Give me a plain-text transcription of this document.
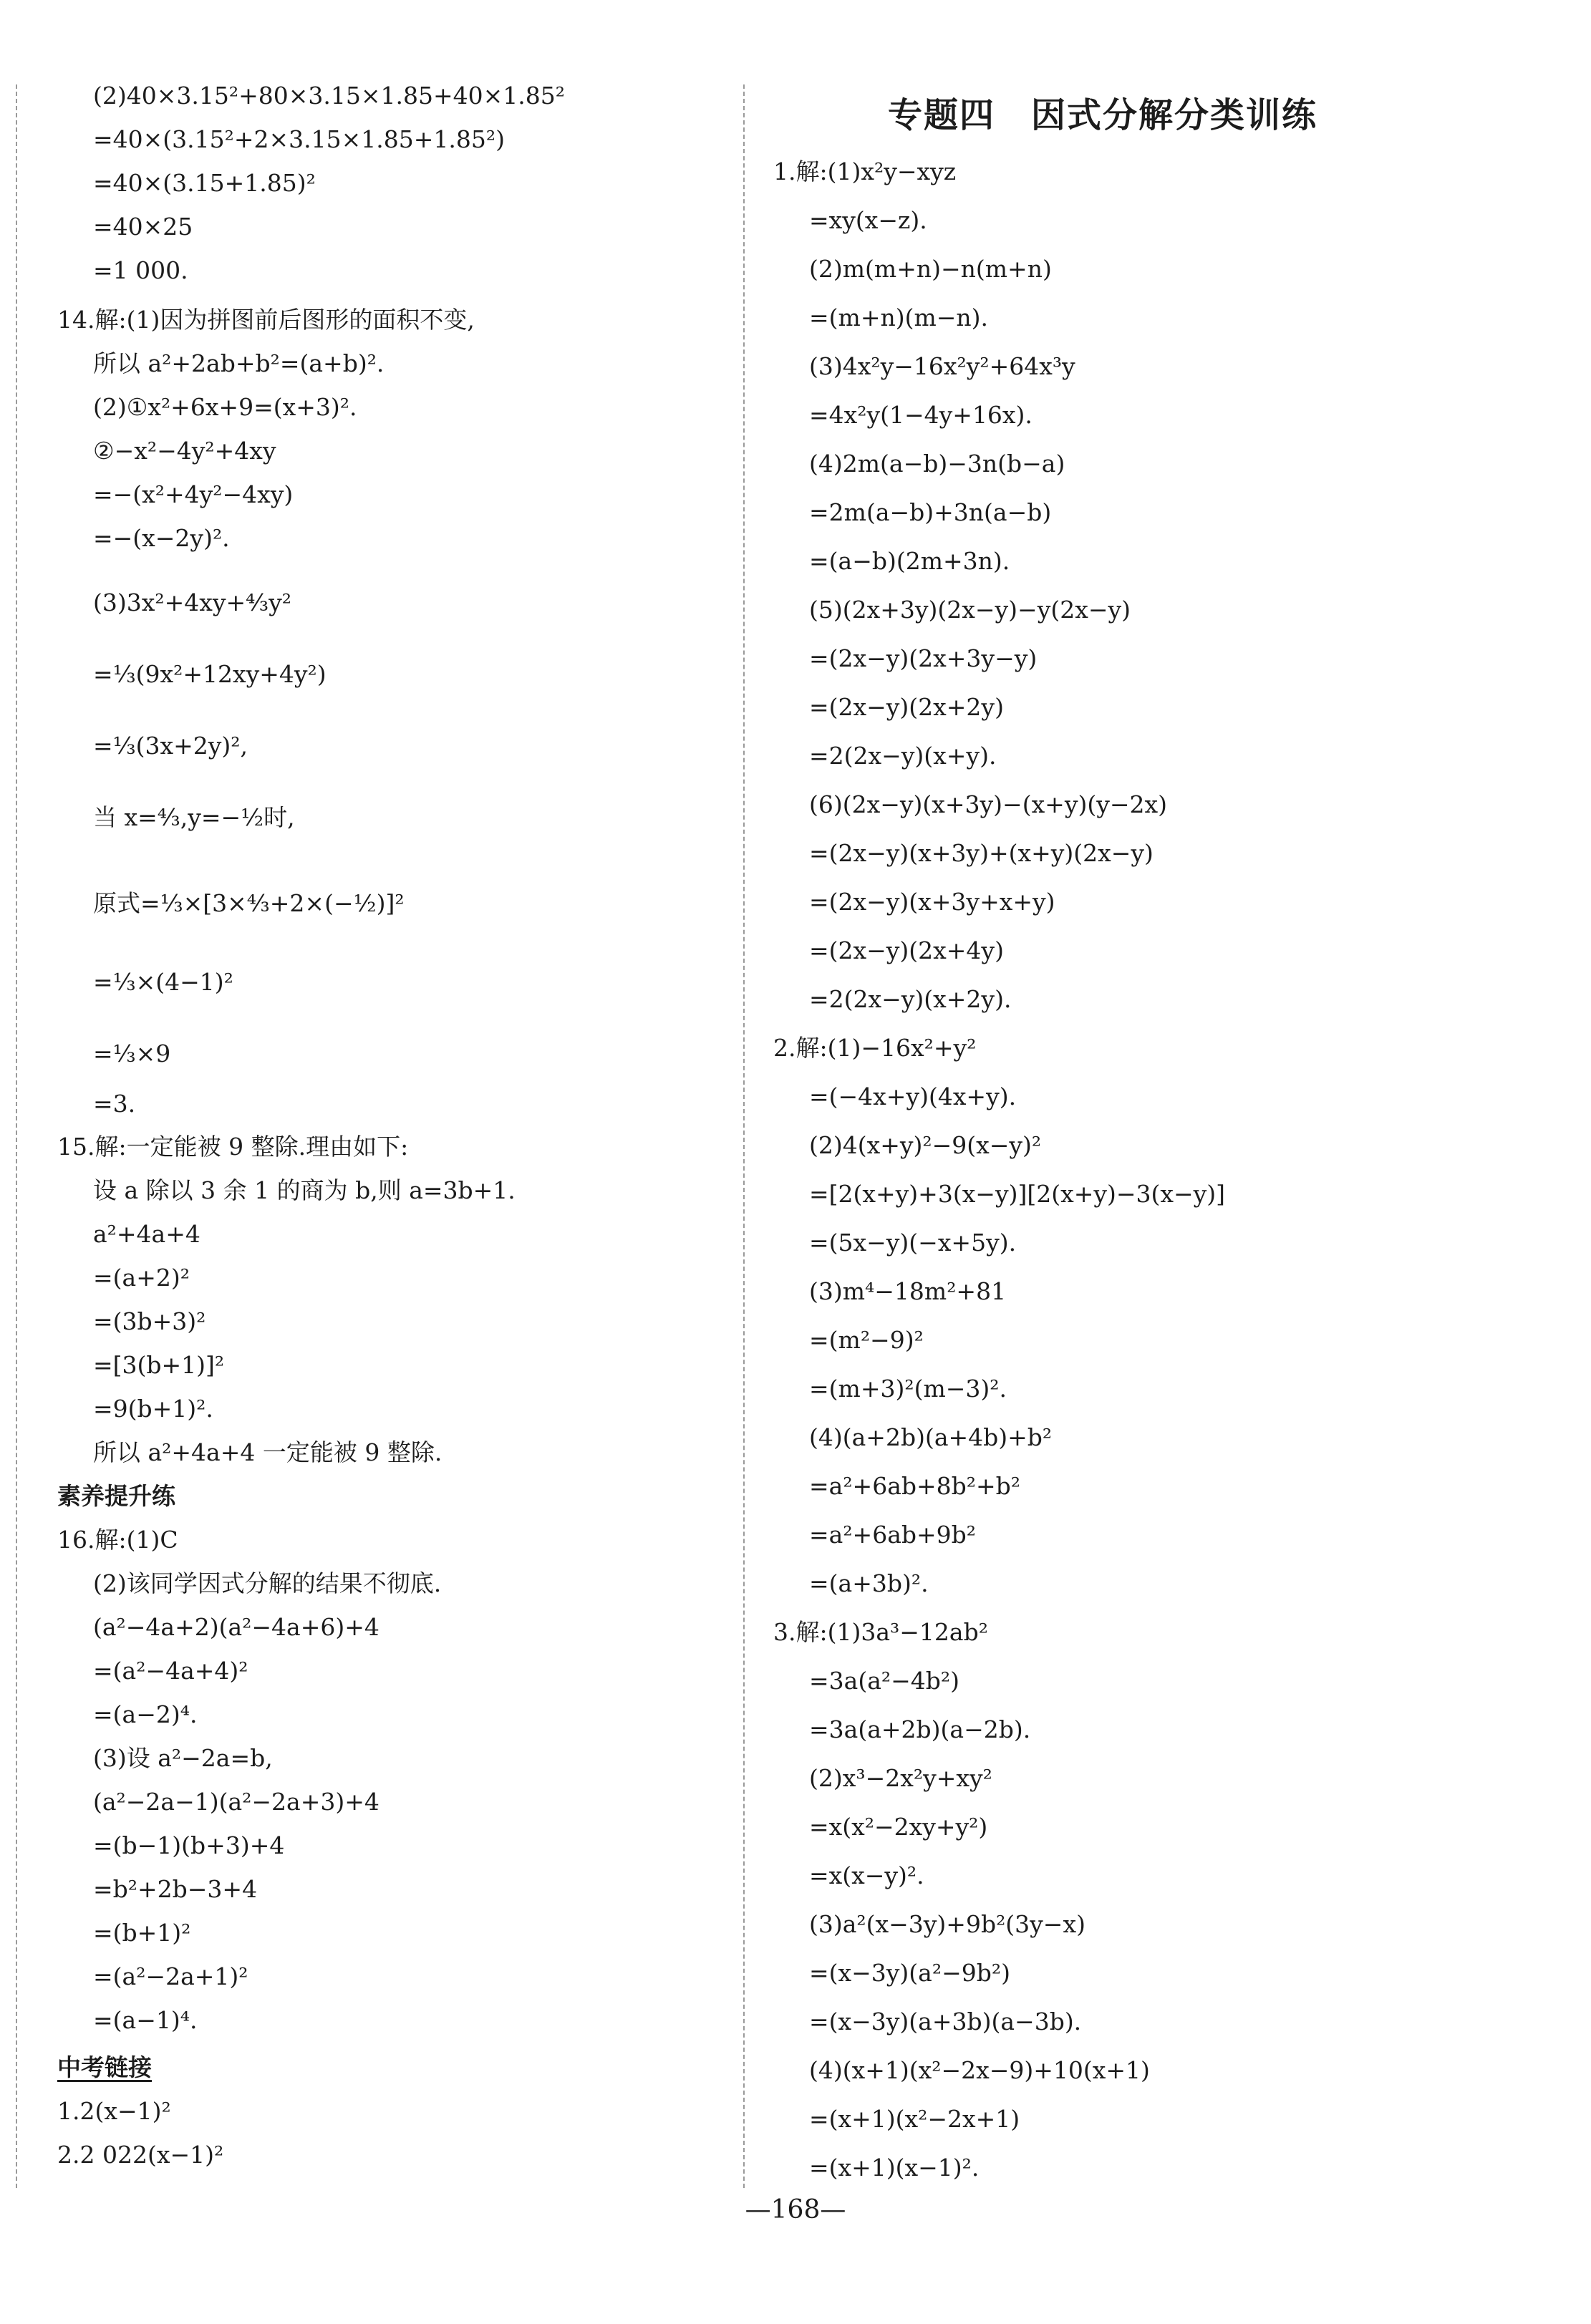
(2)40×3.15²+80×3.15×1.85+40×1.85²
=40×(3.15²+2×3.15×1.85+1.85²)
=40×(3.15+1.85)²
=40×25
=1 000.
14.解:(1)因为拼图前后图形的面积不变,
所以 a²+2ab+b²=(a+b)².
(2)①x²+6x+9=(x+3)².
②−x²−4y²+4xy
=−(x²+4y²−4xy)
=−(x−2y)².
(3)3x²+4xy+⁴⁄₃y²
=⅓(9x²+12xy+4y²)
=⅓(3x+2y)²,
当 x=⁴⁄₃,y=−½时,
原式=⅓×[3×⁴⁄₃+2×(−½)]²
=⅓×(4−1)²
=⅓×9
=3.
15.解:一定能被 9 整除.理由如下:
设 a 除以 3 余 1 的商为 b,则 a=3b+1.
a²+4a+4
=(a+2)²
=(3b+3)²
=[3(b+1)]²
=9(b+1)².
所以 a²+4a+4 一定能被 9 整除.
素养提升练
16.解:(1)C
(2)该同学因式分解的结果不彻底.
(a²−4a+2)(a²−4a+6)+4
=(a²−4a+4)²
=(a−2)⁴.
(3)设 a²−2a=b,
(a²−2a−1)(a²−2a+3)+4
=(b−1)(b+3)+4
=b²+2b−3+4
=(b+1)²
=(a²−2a+1)²
=(a−1)⁴.
中考链接
1.2(x−1)²
2.2 022(x−1)²
专题四　因式分解分类训练
1.解:(1)x²y−xyz
=xy(x−z).
(2)m(m+n)−n(m+n)
=(m+n)(m−n).
(3)4x²y−16x²y²+64x³y
=4x²y(1−4y+16x).
(4)2m(a−b)−3n(b−a)
=2m(a−b)+3n(a−b)
=(a−b)(2m+3n).
(5)(2x+3y)(2x−y)−y(2x−y)
=(2x−y)(2x+3y−y)
=(2x−y)(2x+2y)
=2(2x−y)(x+y).
(6)(2x−y)(x+3y)−(x+y)(y−2x)
=(2x−y)(x+3y)+(x+y)(2x−y)
=(2x−y)(x+3y+x+y)
=(2x−y)(2x+4y)
=2(2x−y)(x+2y).
2.解:(1)−16x²+y²
=(−4x+y)(4x+y).
(2)4(x+y)²−9(x−y)²
=[2(x+y)+3(x−y)][2(x+y)−3(x−y)]
=(5x−y)(−x+5y).
(3)m⁴−18m²+81
=(m²−9)²
=(m+3)²(m−3)².
(4)(a+2b)(a+4b)+b²
=a²+6ab+8b²+b²
=a²+6ab+9b²
=(a+3b)².
3.解:(1)3a³−12ab²
=3a(a²−4b²)
=3a(a+2b)(a−2b).
(2)x³−2x²y+xy²
=x(x²−2xy+y²)
=x(x−y)².
(3)a²(x−3y)+9b²(3y−x)
=(x−3y)(a²−9b²)
=(x−3y)(a+3b)(a−3b).
(4)(x+1)(x²−2x−9)+10(x+1)
=(x+1)(x²−2x+1)
=(x+1)(x−1)².
—168—
